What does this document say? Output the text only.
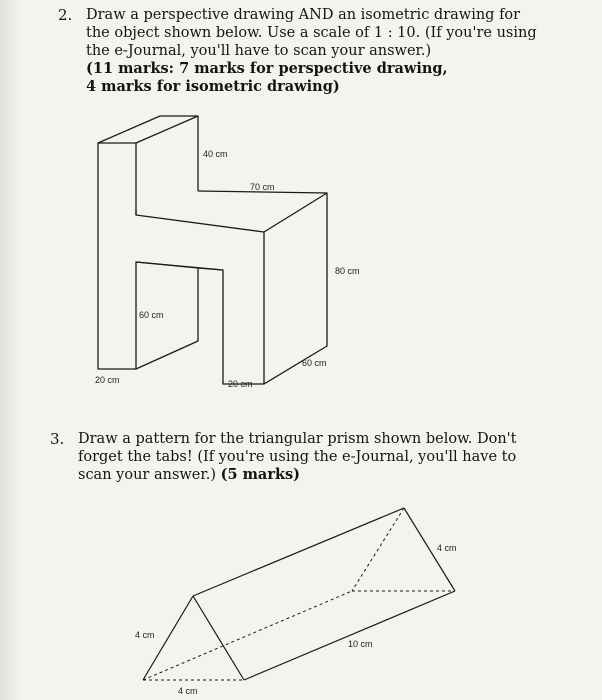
2. Draw a perspective drawing AND an isometric drawing for

the object shown below. Use a scale of 1 : 10. (If you're using

the e-Journal, you'll have to scan your answer.)

(11 marks: 7 marks for perspective drawing,

4 marks for isometric drawing)

40 cm
70 cm
80 cm
60 cm
20 cm	20 cm
60 cm
3. Draw a pattern for the triangular prism shown below. Don't

forget the tabs! (If you're using the e-Journal, you'll have to

scan your answer.) (5 marks)

4 cm
4 cm
4 cm
10 cm
